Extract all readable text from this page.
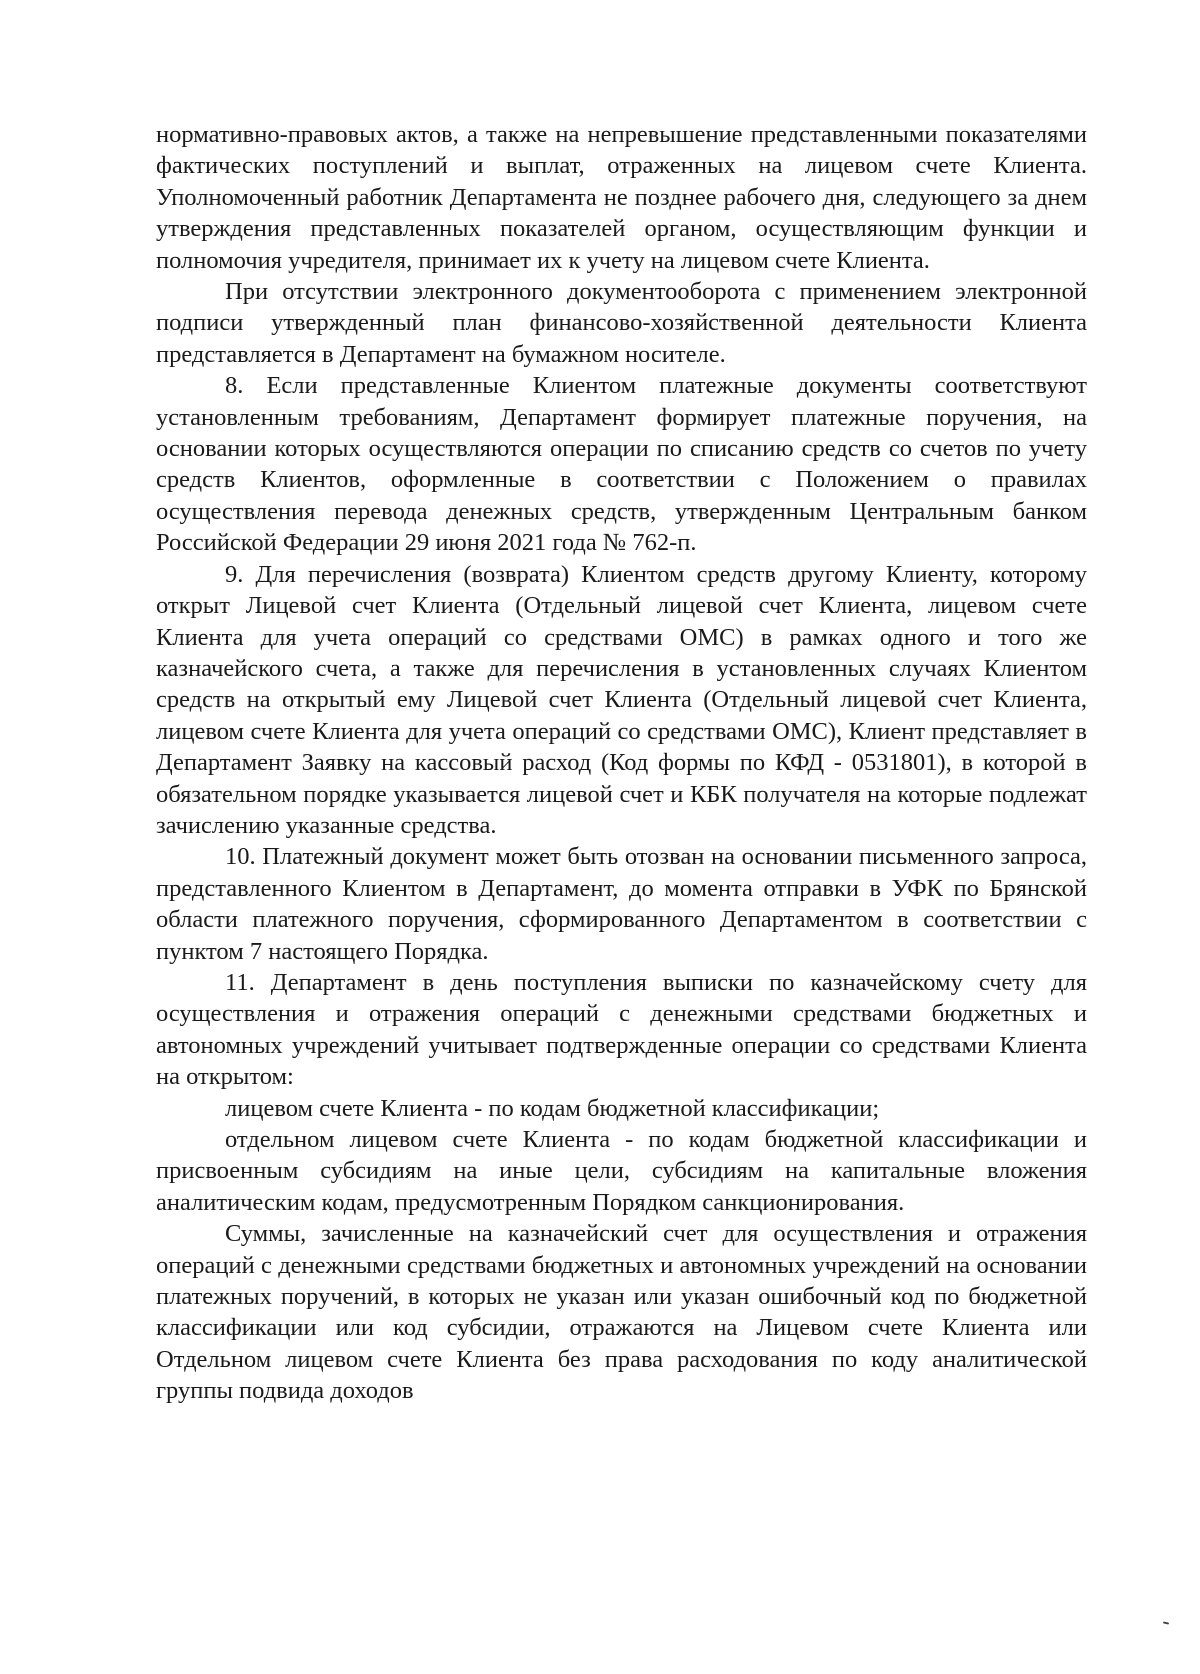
нормативно-правовых актов, а также на непревышение представленными показателями фактических поступлений и выплат, отраженных на лицевом счете Клиента. Уполномоченный работник Департамента не позднее рабочего дня, следующего за днем утверждения представленных показателей органом, осуществляющим функции и полномочия учредителя, принимает их к учету на лицевом счете Клиента.

При отсутствии электронного документооборота с применением электронной подписи утвержденный план финансово-хозяйственной деятельности Клиента представляется в Департамент на бумажном носителе.

8. Если представленные Клиентом платежные документы соответствуют установленным требованиям, Департамент формирует платежные поручения, на основании которых осуществляются операции по списанию средств со счетов по учету средств Клиентов, оформленные в соответствии с Положением о правилах осуществления перевода денежных средств, утвержденным Центральным банком Российской Федерации 29 июня 2021 года № 762-п.

9. Для перечисления (возврата) Клиентом средств другому Клиенту, которому открыт Лицевой счет Клиента (Отдельный лицевой счет Клиента, лицевом счете Клиента для учета операций со средствами ОМС) в рамках одного и того же казначейского счета, а также для перечисления в установленных случаях Клиентом средств на открытый ему Лицевой счет Клиента (Отдельный лицевой счет Клиента, лицевом счете Клиента для учета операций со средствами ОМС), Клиент представляет в Департамент Заявку на кассовый расход (Код формы по КФД - 0531801), в которой в обязательном порядке указывается лицевой счет и КБК получателя на которые подлежат зачислению указанные средства.

10. Платежный документ может быть отозван на основании письменного запроса, представленного Клиентом в Департамент, до момента отправки в УФК по Брянской области платежного поручения, сформированного Департаментом в соответствии с пунктом 7 настоящего Порядка.

11. Департамент в день поступления выписки по казначейскому счету для осуществления и отражения операций с денежными средствами бюджетных и автономных учреждений учитывает подтвержденные операции со средствами Клиента на открытом:

лицевом счете Клиента - по кодам бюджетной классификации;

отдельном лицевом счете Клиента - по кодам бюджетной классификации и присвоенным субсидиям на иные цели, субсидиям на капитальные вложения аналитическим кодам, предусмотренным Порядком санкционирования.

Суммы, зачисленные на казначейский счет для осуществления и отражения операций с денежными средствами бюджетных и автономных учреждений на основании платежных поручений, в которых не указан или указан ошибочный код по бюджетной классификации или код субсидии, отражаются на Лицевом счете Клиента или Отдельном лицевом счете Клиента без права расходования по коду аналитической группы подвида доходов
